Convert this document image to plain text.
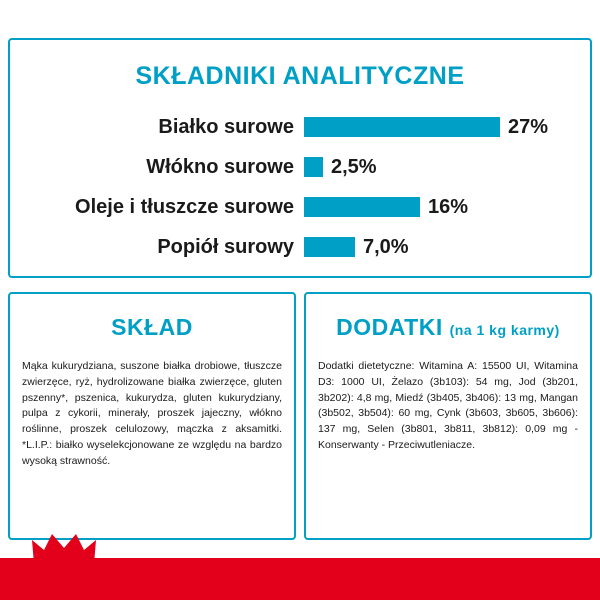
SKŁADNIKI ANALITYCZNE
Białko surowe	27%
Włókno surowe	2,5%
Oleje i tłuszcze surowe	16%
Popiół surowy	7,0%
SKŁAD

Mąka kukurydziana, suszone białka drobiowe, tłuszcze zwierzęce, ryż, hydrolizowane białka zwierzęce, gluten pszenny*, pszenica, kukurydza, gluten kukurydziany, pulpa z cykorii, minerały, proszek jajeczny, włókno roślinne, proszek celulozowy, mączka z aksamitki. *L.I.P.: białko wyselekcjonowane ze względu na bardzo wysoką strawność.

DODATKI (na 1 kg karmy)

Dodatki dietetyczne: Witamina A: 15500 UI, Witamina D3: 1000 UI, Żelazo (3b103): 54 mg, Jod (3b201, 3b202): 4,8 mg, Miedź (3b405, 3b406): 13 mg, Mangan (3b502, 3b504): 60 mg, Cynk (3b603, 3b605, 3b606): 137 mg, Selen (3b801, 3b811, 3b812): 0,09 mg - Konserwanty - Przeciwutleniacze.
